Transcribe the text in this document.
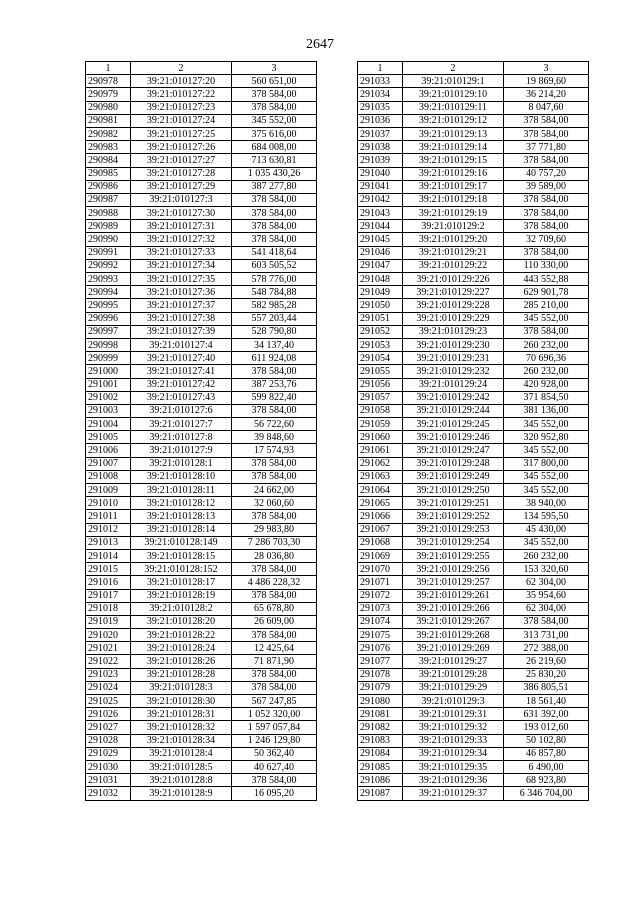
2647
1	2	3
290978	39:21:010127:20	560 651,00
290979	39:21:010127:22	378 584,00
290980	39:21:010127:23	378 584,00
290981	39:21:010127:24	345 552,00
290982	39:21:010127:25	375 616,00
290983	39:21:010127:26	684 008,00
290984	39:21:010127:27	713 630,81
290985	39:21:010127:28	1 035 430,26
290986	39:21:010127:29	387 277,80
290987	39:21:010127:3	378 584,00
290988	39:21:010127:30	378 584,00
290989	39:21:010127:31	378 584,00
290990	39:21:010127:32	378 584,00
290991	39:21:010127:33	541 418,64
290992	39:21:010127:34	603 505,52
290993	39:21:010127:35	578 776,00
290994	39:21:010127:36	548 784,88
290995	39:21:010127:37	582 985,28
290996	39:21:010127:38	557 203,44
290997	39:21:010127:39	528 790,80
290998	39:21:010127:4	34 137,40
290999	39:21:010127:40	611 924,08
291000	39:21:010127:41	378 584,00
291001	39:21:010127:42	387 253,76
291002	39:21:010127:43	599 822,40
291003	39:21:010127:6	378 584,00
291004	39:21:010127:7	56 722,60
291005	39:21:010127:8	39 848,60
291006	39:21:010127:9	17 574,93
291007	39:21:010128:1	378 584,00
291008	39:21:010128:10	378 584,00
291009	39:21:010128:11	24 662,00
291010	39:21:010128:12	32 060,60
291011	39:21:010128:13	378 584,00
291012	39:21:010128:14	29 983,80
291013	39:21:010128:149	7 286 703,30
291014	39:21:010128:15	28 036,80
291015	39:21:010128:152	378 584,00
291016	39:21:010128:17	4 486 228,32
291017	39:21:010128:19	378 584,00
291018	39:21:010128:2	65 678,80
291019	39:21:010128:20	26 609,00
291020	39:21:010128:22	378 584,00
291021	39:21:010128:24	12 425,64
291022	39:21:010128:26	71 871,90
291023	39:21:010128:28	378 584,00
291024	39:21:010128:3	378 584,00
291025	39:21:010128:30	567 247,85
291026	39:21:010128:31	1 052 320,00
291027	39:21:010128:32	1 597 057,84
291028	39:21:010128:34	1 246 129,80
291029	39:21:010128:4	50 362,40
291030	39:21:010128:5	40 627,40
291031	39:21:010128:8	378 584,00
291032	39:21:010128:9	16 095,20
1	2	3
291033	39:21:010129:1	19 869,60
291034	39:21:010129:10	36 214,20
291035	39:21:010129:11	8 047,60
291036	39:21:010129:12	378 584,00
291037	39:21:010129:13	378 584,00
291038	39:21:010129:14	37 771,80
291039	39:21:010129:15	378 584,00
291040	39:21:010129:16	40 757,20
291041	39:21:010129:17	39 589,00
291042	39:21:010129:18	378 584,00
291043	39:21:010129:19	378 584,00
291044	39:21:010129:2	378 584,00
291045	39:21:010129:20	32 709,60
291046	39:21:010129:21	378 584,00
291047	39:21:010129:22	110 330,00
291048	39:21:010129:226	443 552,88
291049	39:21:010129:227	629 901,78
291050	39:21:010129:228	285 210,00
291051	39:21:010129:229	345 552,00
291052	39:21:010129:23	378 584,00
291053	39:21:010129:230	260 232,00
291054	39:21:010129:231	70 696,36
291055	39:21:010129:232	260 232,00
291056	39:21:010129:24	420 928,00
291057	39:21:010129:242	371 854,50
291058	39:21:010129:244	381 136,00
291059	39:21:010129:245	345 552,00
291060	39:21:010129:246	320 952,80
291061	39:21:010129:247	345 552,00
291062	39:21:010129:248	317 800,00
291063	39:21:010129:249	345 552,00
291064	39:21:010129:250	345 552,00
291065	39:21:010129:251	38 940,00
291066	39:21:010129:252	134 595,50
291067	39:21:010129:253	45 430,00
291068	39:21:010129:254	345 552,00
291069	39:21:010129:255	260 232,00
291070	39:21:010129:256	153 320,60
291071	39:21:010129:257	62 304,00
291072	39:21:010129:261	35 954,60
291073	39:21:010129:266	62 304,00
291074	39:21:010129:267	378 584,00
291075	39:21:010129:268	313 731,00
291076	39:21:010129:269	272 388,00
291077	39:21:010129:27	26 219,60
291078	39:21:010129:28	25 830,20
291079	39:21:010129:29	386 805,51
291080	39:21:010129:3	18 561,40
291081	39:21:010129:31	631 392,00
291082	39:21:010129:32	193 012,60
291083	39:21:010129:33	50 102,80
291084	39:21:010129:34	46 857,80
291085	39:21:010129:35	6 490,00
291086	39:21:010129:36	68 923,80
291087	39:21:010129:37	6 346 704,00
